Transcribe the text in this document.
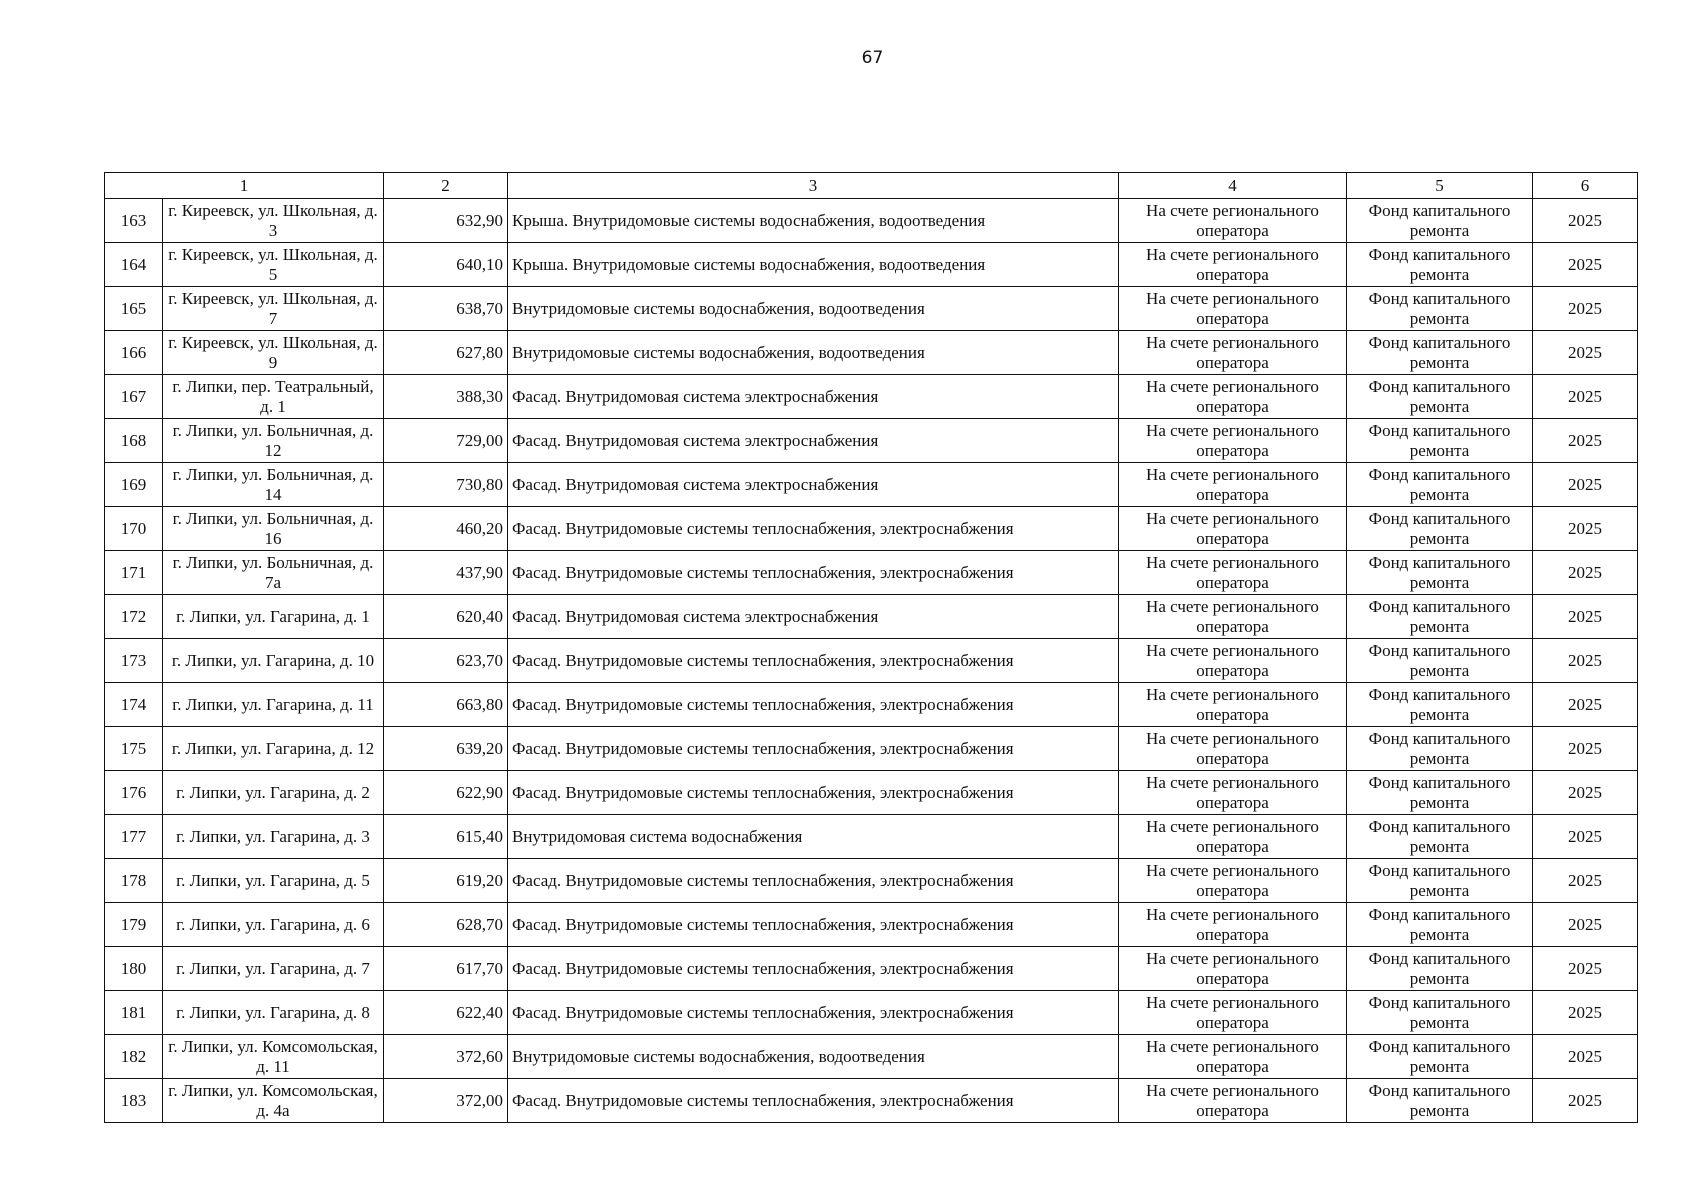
67
1		2	3	4	5	6
163	г. Киреевск, ул. Школьная, д. 3	632,90	Крыша. Внутридомовые системы водоснабжения, водоотведения	На счете регионального оператора	Фонд капитального ремонта	2025
164	г. Киреевск, ул. Школьная, д. 5	640,10	Крыша. Внутридомовые системы водоснабжения, водоотведения	На счете регионального оператора	Фонд капитального ремонта	2025
165	г. Киреевск, ул. Школьная, д. 7	638,70	Внутридомовые системы водоснабжения, водоотведения	На счете регионального оператора	Фонд капитального ремонта	2025
166	г. Киреевск, ул. Школьная, д. 9	627,80	Внутридомовые системы водоснабжения, водоотведения	На счете регионального оператора	Фонд капитального ремонта	2025
167	г. Липки, пер. Театральный, д. 1	388,30	Фасад. Внутридомовая система электроснабжения	На счете регионального оператора	Фонд капитального ремонта	2025
168	г. Липки, ул. Больничная, д. 12	729,00	Фасад. Внутридомовая система электроснабжения	На счете регионального оператора	Фонд капитального ремонта	2025
169	г. Липки, ул. Больничная, д. 14	730,80	Фасад. Внутридомовая система электроснабжения	На счете регионального оператора	Фонд капитального ремонта	2025
170	г. Липки, ул. Больничная, д. 16	460,20	Фасад. Внутридомовые системы теплоснабжения, электроснабжения	На счете регионального оператора	Фонд капитального ремонта	2025
171	г. Липки, ул. Больничная, д. 7а	437,90	Фасад. Внутридомовые системы теплоснабжения, электроснабжения	На счете регионального оператора	Фонд капитального ремонта	2025
172	г. Липки, ул. Гагарина, д. 1	620,40	Фасад. Внутридомовая система электроснабжения	На счете регионального оператора	Фонд капитального ремонта	2025
173	г. Липки, ул. Гагарина, д. 10	623,70	Фасад. Внутридомовые системы теплоснабжения, электроснабжения	На счете регионального оператора	Фонд капитального ремонта	2025
174	г. Липки, ул. Гагарина, д. 11	663,80	Фасад. Внутридомовые системы теплоснабжения, электроснабжения	На счете регионального оператора	Фонд капитального ремонта	2025
175	г. Липки, ул. Гагарина, д. 12	639,20	Фасад. Внутридомовые системы теплоснабжения, электроснабжения	На счете регионального оператора	Фонд капитального ремонта	2025
176	г. Липки, ул. Гагарина, д. 2	622,90	Фасад. Внутридомовые системы теплоснабжения, электроснабжения	На счете регионального оператора	Фонд капитального ремонта	2025
177	г. Липки, ул. Гагарина, д. 3	615,40	Внутридомовая система водоснабжения	На счете регионального оператора	Фонд капитального ремонта	2025
178	г. Липки, ул. Гагарина, д. 5	619,20	Фасад. Внутридомовые системы теплоснабжения, электроснабжения	На счете регионального оператора	Фонд капитального ремонта	2025
179	г. Липки, ул. Гагарина, д. 6	628,70	Фасад. Внутридомовые системы теплоснабжения, электроснабжения	На счете регионального оператора	Фонд капитального ремонта	2025
180	г. Липки, ул. Гагарина, д. 7	617,70	Фасад. Внутридомовые системы теплоснабжения, электроснабжения	На счете регионального оператора	Фонд капитального ремонта	2025
181	г. Липки, ул. Гагарина, д. 8	622,40	Фасад. Внутридомовые системы теплоснабжения, электроснабжения	На счете регионального оператора	Фонд капитального ремонта	2025
182	г. Липки, ул. Комсомольская, д. 11	372,60	Внутридомовые системы водоснабжения, водоотведения	На счете регионального оператора	Фонд капитального ремонта	2025
183	г. Липки, ул. Комсомольская, д. 4а	372,00	Фасад. Внутридомовые системы теплоснабжения, электроснабжения	На счете регионального оператора	Фонд капитального ремонта	2025
